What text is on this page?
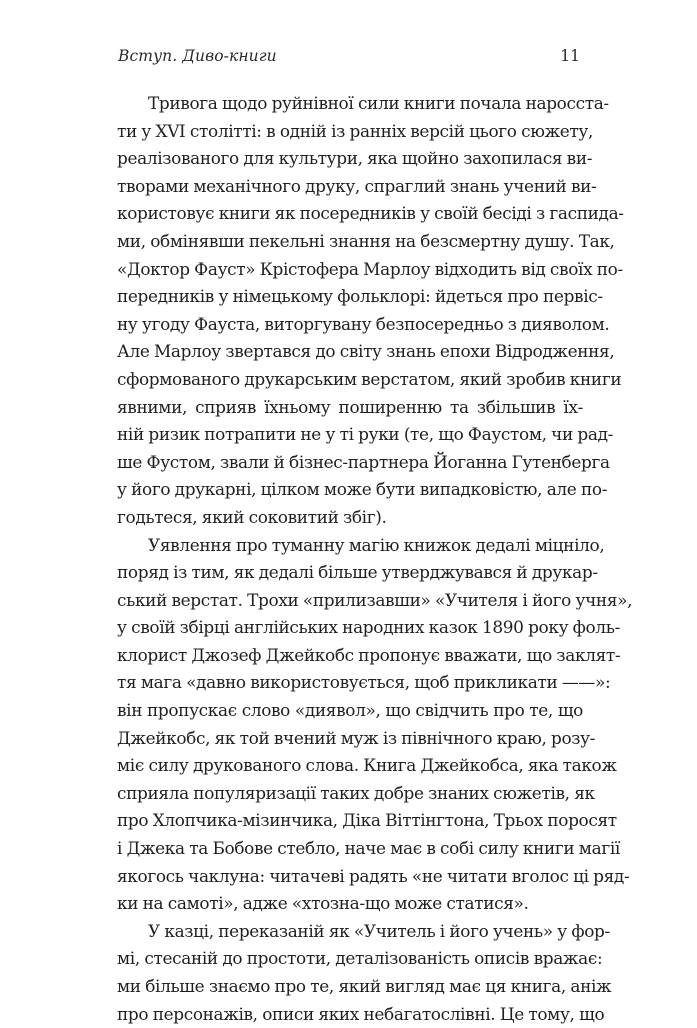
Вступ. Диво-книги	11
Тривога щодо руйнівної сили книги почала наросста-
ти у XVI столітті: в одній із ранніх версій цього сюжету,
реалізованого для культури, яка щойно захопилася ви-
творами механічного друку, спраглий знань учений ви-
користовує книги як посередників у своїй бесіді з гаспида-
ми, обмінявши пекельні знання на безсмертну душу. Так,
«Доктор Фауст» Крістофера Марлоу відходить від своїх по-
передників у німецькому фольклорі: йдеться про первіс-
ну угоду Фауста, виторгувану безпосередньо з дияволом.
Але Марлоу звертався до світу знань епохи Відродження,
сформованого друкарським верстатом, який зробив книги
явними, сприяв їхньому поширенню та збільшив їх-
ній ризик потрапити не у ті руки (те, що Фаустом, чи рад-
ше Фустом, звали й бізнес-партнера Йоганна Гутенберга
у його друкарні, цілком може бути випадковістю, але по-
годьтеся, який соковитий збіг).
Уявлення про туманну магію книжок дедалі міцніло,
поряд із тим, як дедалі більше утверджувався й друкар-
ський верстат. Трохи «прилизавши» «Учителя і його учня»,
у своїй збірці англійських народних казок 1890 року фоль-
клорист Джозеф Джейкобс пропонує вважати, що заклят-
тя мага «давно використовується, щоб прикликати ——»:
він пропускає слово «диявол», що свідчить про те, що
Джейкобс, як той вчений муж із північного краю, розу-
міє силу друкованого слова. Книга Джейкобса, яка також
сприяла популяризації таких добре знаних сюжетів, як
про Хлопчика-мізинчика, Діка Віттінгтона, Трьох поросят
і Джека та Бобове стебло, наче має в собі силу книги магії
якогось чаклуна: читачеві радять «не читати вголос ці ряд-
ки на самоті», адже «хтозна-що може статися».
У казці, переказаній як «Учитель і його учень» у фор-
мі, стесаній до простоти, деталізованість описів вражає:
ми більше знаємо про те, який вигляд має ця книга, аніж
про персонажів, описи яких небагатослівні. Це тому, що
